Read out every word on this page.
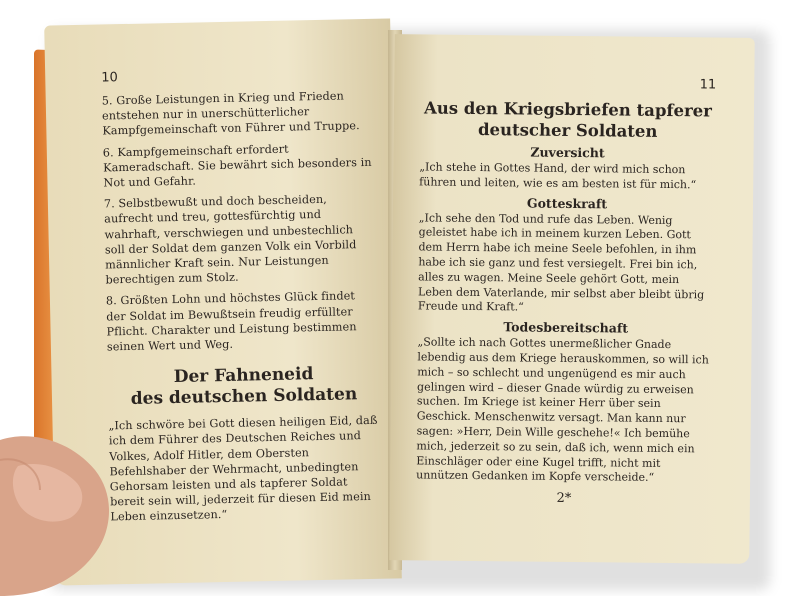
10

5. Große Leistungen in Krieg und Frieden entstehen nur in unerschütterlicher Kampfgemeinschaft von Führer und Truppe.

6. Kampfgemeinschaft erfordert Kameradschaft. Sie bewährt sich besonders in Not und Gefahr.

7. Selbstbewußt und doch bescheiden, aufrecht und treu, gottesfürchtig und wahrhaft, verschwiegen und unbestechlich soll der Soldat dem ganzen Volk ein Vorbild männlicher Kraft sein. Nur Leistungen berechtigen zum Stolz.

8. Größten Lohn und höchstes Glück findet der Soldat im Bewußtsein freudig erfüllter Pflicht. Charakter und Leistung bestimmen seinen Wert und Weg.

Der Fahneneid
des deutschen Soldaten

„Ich schwöre bei Gott diesen heiligen Eid, daß ich dem Führer des Deutschen Reiches und Volkes, Adolf Hitler, dem Obersten Befehlshaber der Wehrmacht, unbedingten Gehorsam leisten und als tapferer Soldat bereit sein will, jederzeit für diesen Eid mein Leben einzusetzen.“

11
Aus den Kriegsbriefen tapferer
deutscher Soldaten
Zuversicht

„Ich stehe in Gottes Hand, der wird mich schon führen und leiten, wie es am besten ist für mich.“

Gotteskraft

„Ich sehe den Tod und rufe das Leben. Wenig geleistet habe ich in meinem kurzen Leben. Gott dem Herrn habe ich meine Seele befohlen, in ihm habe ich sie ganz und fest versiegelt. Frei bin ich, alles zu wagen. Meine Seele gehört Gott, mein Leben dem Vaterlande, mir selbst aber bleibt übrig Freude und Kraft.“

Todesbereitschaft

„Sollte ich nach Gottes unermeßlicher Gnade lebendig aus dem Kriege herauskommen, so will ich mich – so schlecht und ungenügend es mir auch gelingen wird – dieser Gnade würdig zu erweisen suchen. Im Kriege ist keiner Herr über sein Geschick. Menschenwitz versagt. Man kann nur sagen: »Herr, Dein Wille geschehe!« Ich bemühe mich, jederzeit so zu sein, daß ich, wenn mich ein Einschläger oder eine Kugel trifft, nicht mit unnützen Gedanken im Kopfe verscheide.“

2*
